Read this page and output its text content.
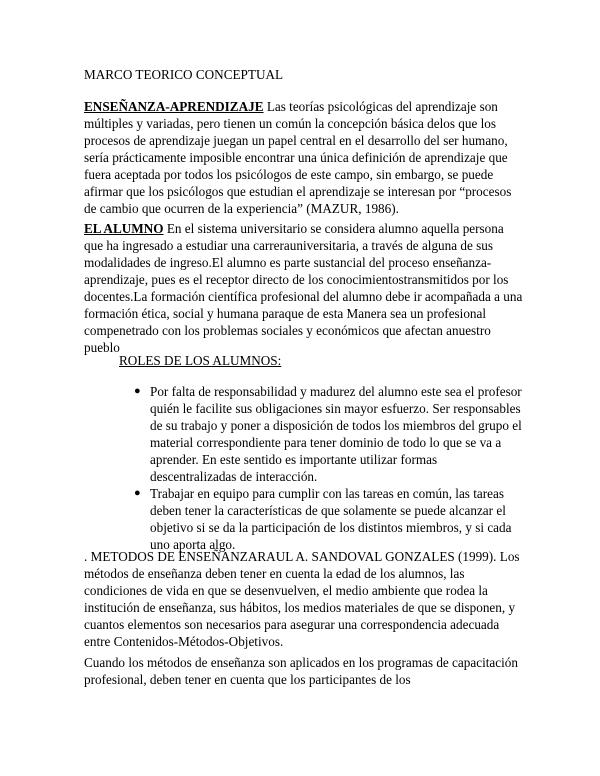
MARCO TEORICO CONCEPTUAL

ENSEÑANZA-APRENDIZAJE Las teorías psicológicas del aprendizaje son múltiples y variadas, pero tienen un común la concepción básica delos que los procesos de aprendizaje juegan un papel central en el desarrollo del ser humano, sería prácticamente imposible encontrar una única definición de aprendizaje que fuera aceptada por todos los psicólogos de este campo, sin embargo, se puede afirmar que los psicólogos que estudian el aprendizaje se interesan por “procesos de cambio que ocurren de la experiencia” (MAZUR, 1986).

EL ALUMNO En el sistema universitario se considera alumno aquella persona que ha ingresado a estudiar una carrerauniversitaria, a través de alguna de sus modalidades de ingreso.El alumno es parte sustancial del proceso enseñanza-aprendizaje, pues es el receptor directo de los conocimientostransmitidos por los docentes.La formación científica profesional del alumno debe ir acompañada a una formación ética, social y humana paraque de esta Manera sea un profesional compenetrado con los problemas sociales y económicos que afectan anuestro pueblo

ROLES DE LOS ALUMNOS:

● Por falta de responsabilidad y madurez del alumno este sea el profesor quién le facilite sus obligaciones sin mayor esfuerzo. Ser responsables de su trabajo y poner a disposición de todos los miembros del grupo el material correspondiente para tener dominio de todo lo que se va a aprender. En este sentido es importante utilizar formas descentralizadas de interacción.
● Trabajar en equipo para cumplir con las tareas en común, las tareas deben tener la características de que solamente se puede alcanzar el objetivo si se da la participación de los distintos miembros, y si cada uno aporta algo.

. METODOS DE ENSEÑANZARAUL A. SANDOVAL GONZALES (1999). Los métodos de enseñanza deben tener en cuenta la edad de los alumnos, las condiciones de vida en que se desenvuelven, el medio ambiente que rodea la institución de enseñanza, sus hábitos, los medios materiales de que se disponen, y cuantos elementos son necesarios para asegurar una correspondencia adecuada entre Contenidos-Métodos-Objetivos.

Cuando los métodos de enseñanza son aplicados en los programas de capacitación profesional, deben tener en cuenta que los participantes de los
